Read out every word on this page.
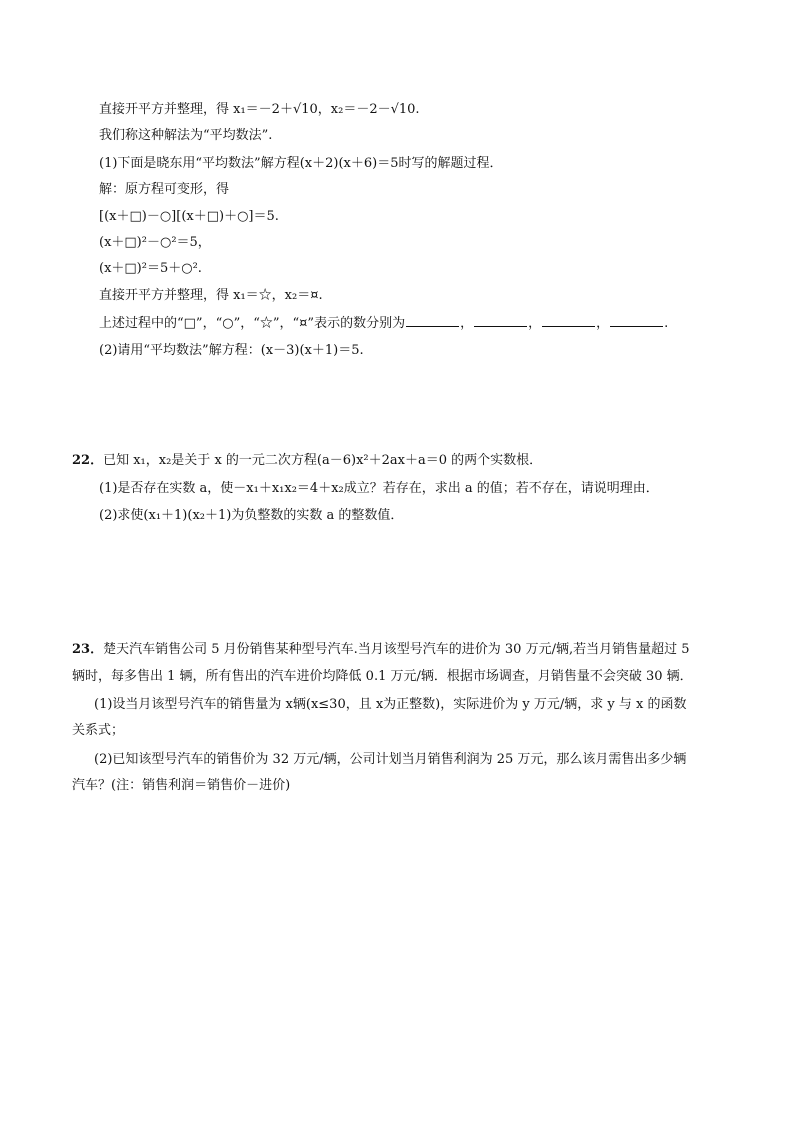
直接开平方并整理，得 x₁＝－2＋√10，x₂＝－2－√10.
我们称这种解法为“平均数法”.
(1)下面是晓东用“平均数法”解方程(x＋2)(x＋6)＝5时写的解题过程．
解：原方程可变形，得
[(x＋□)－○][(x＋□)＋○]＝5.
(x＋□)²－○²＝5，
(x＋□)²＝5＋○².
直接开平方并整理，得 x₁＝☆，x₂＝¤.
上述过程中的“□”，“○”，“☆”，“¤”表示的数分别为	，	，	，	.
(2)请用“平均数法”解方程：(x－3)(x＋1)＝5.
22．已知 x₁，x₂是关于 x 的一元二次方程(a－6)x²＋2ax＋a＝0 的两个实数根．
(1)是否存在实数 a，使－x₁＋x₁x₂＝4＋x₂成立？若存在，求出 a 的值；若不存在，请说明理由．
(2)求使(x₁＋1)(x₂＋1)为负整数的实数 a 的整数值．
23．楚天汽车销售公司 5 月份销售某种型号汽车.当月该型号汽车的进价为 30 万元/辆,若当月销售量超过 5
辆时，每多售出 1 辆，所有售出的汽车进价均降低 0.1 万元/辆．根据市场调查，月销售量不会突破 30 辆．
(1)设当月该型号汽车的销售量为 x辆(x≤30，且 x为正整数)，实际进价为 y 万元/辆，求 y 与 x 的函数
关系式；
(2)已知该型号汽车的销售价为 32 万元/辆，公司计划当月销售利润为 25 万元，那么该月需售出多少辆
汽车？(注：销售利润＝销售价－进价)
